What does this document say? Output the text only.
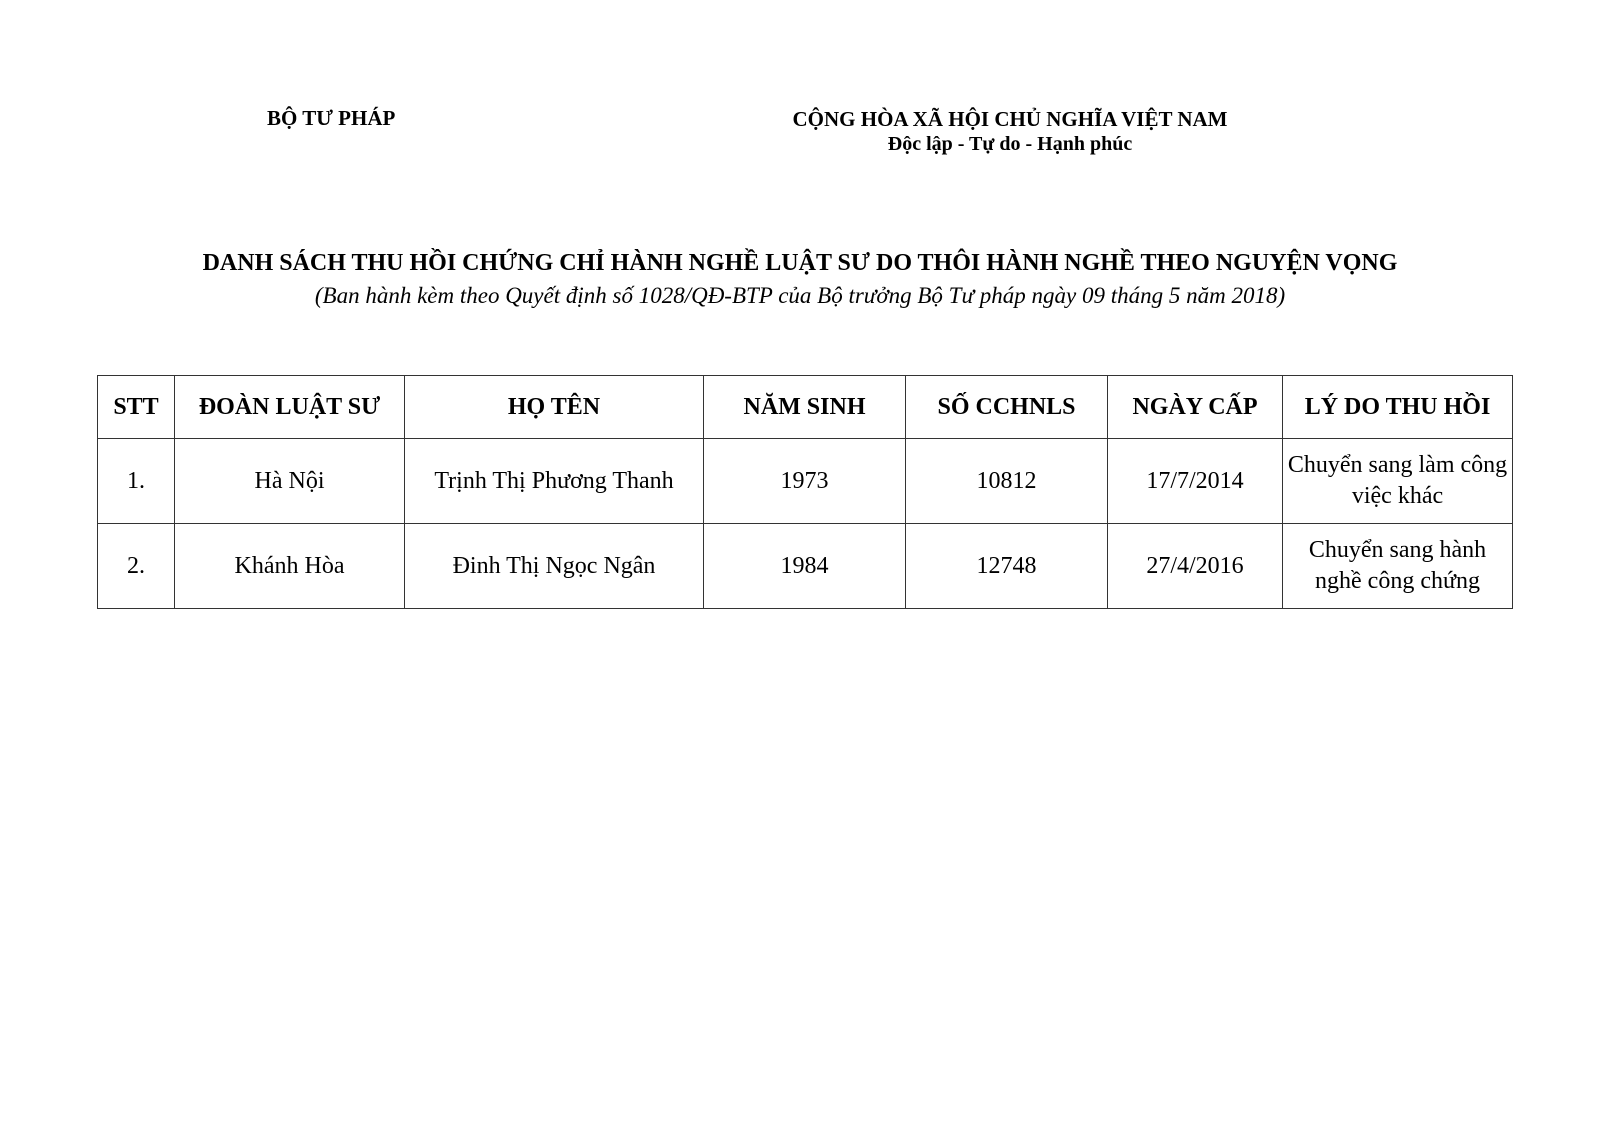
BỘ TƯ PHÁP	CỘNG HÒA XÃ HỘI CHỦ NGHĨA VIỆT NAM
Độc lập - Tự do - Hạnh phúc
DANH SÁCH THU HỒI CHỨNG CHỈ HÀNH NGHỀ LUẬT SƯ DO THÔI HÀNH NGHỀ THEO NGUYỆN VỌNG
(Ban hành kèm theo Quyết định số 1028/QĐ-BTP của Bộ trưởng Bộ Tư pháp ngày 09 tháng 5 năm 2018)
STT	ĐOÀN LUẬT SƯ	HỌ TÊN	NĂM SINH	SỐ CCHNLS	NGÀY CẤP	LÝ DO THU HỒI
1.	Hà Nội	Trịnh Thị Phương Thanh	1973	10812	17/7/2014	Chuyển sang làm công việc khác
2.	Khánh Hòa	Đinh Thị Ngọc Ngân	1984	12748	27/4/2016	Chuyển sang hành nghề công chứng
